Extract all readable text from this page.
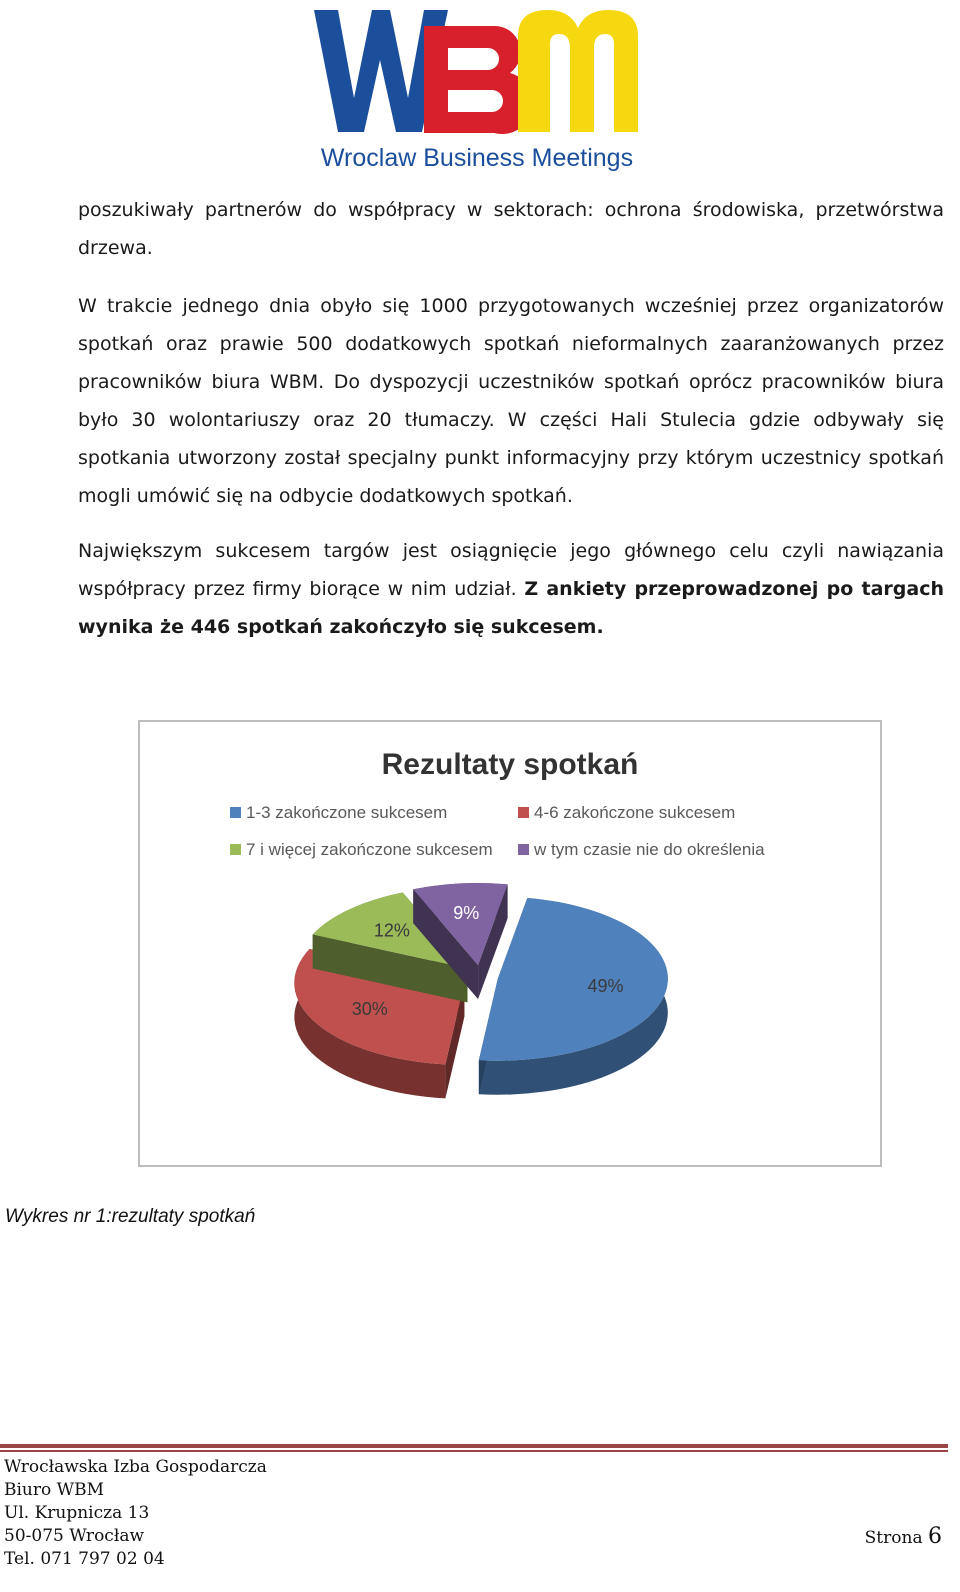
Wroclaw Business Meetings

poszukiwały partnerów do współpracy w sektorach: ochrona środowiska, przetwórstwa drzewa.

W trakcie jednego dnia obyło się 1000 przygotowanych wcześniej przez organizatorów spotkań oraz prawie 500 dodatkowych spotkań nieformalnych zaaranżowanych przez pracowników biura WBM. Do dyspozycji uczestników spotkań oprócz pracowników biura było 30 wolontariuszy oraz 20 tłumaczy. W części Hali Stulecia gdzie odbywały się spotkania utworzony został specjalny punkt informacyjny przy którym uczestnicy spotkań mogli umówić się na odbycie dodatkowych spotkań.

Największym sukcesem targów jest osiągnięcie jego głównego celu czyli nawiązania współpracy przez firmy biorące w nim udział. Z ankiety przeprowadzonej po targach wynika że 446 spotkań zakończyło się sukcesem.

Rezultaty spotkań
1-3 zakończone sukcesem	4-6 zakończone sukcesem
7 i więcej zakończone sukcesem w tym czasie nie do określenia
49%
30%
12%
9%
Wykres nr 1:rezultaty spotkań
Wrocławska Izba Gospodarcza
Biuro WBM
Ul. Krupnicza 13
50-075 Wrocław
Tel. 071 797 02 04
Strona 6
